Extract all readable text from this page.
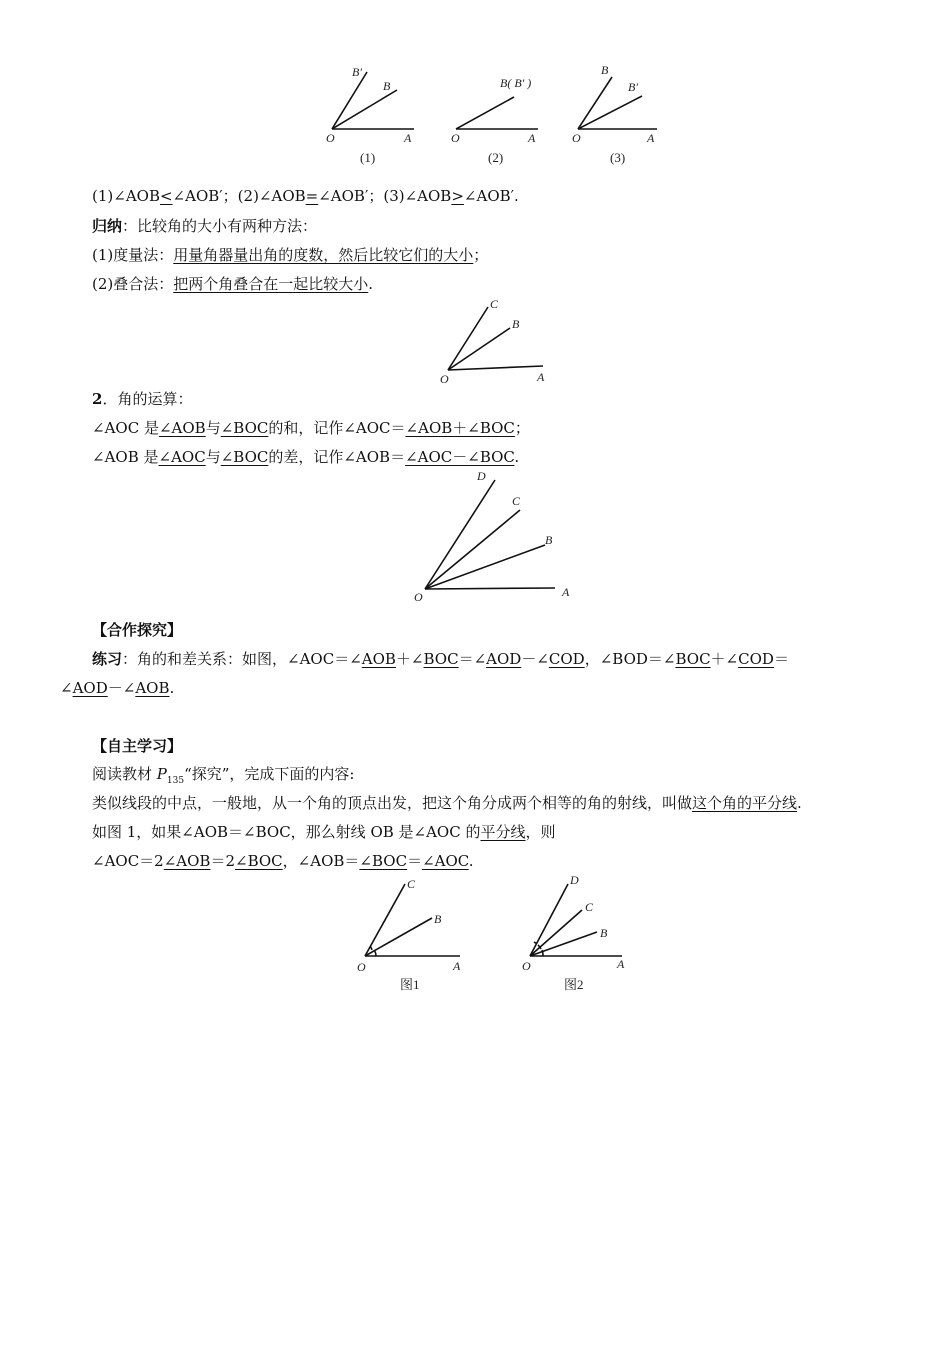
B′
B
O	A
(1)
B( B′ )
O	A
(2)
B
B′
O	A
(3)
(1)∠AOB<∠AOB′；(2)∠AOB=∠AOB′；(3)∠AOB>∠AOB′.
归纳：比较角的大小有两种方法：
(1)度量法：用量角器量出角的度数，然后比较它们的大小；
(2)叠合法：把两个角叠合在一起比较大小.
C
B
O	A
2．角的运算：
∠AOC 是∠AOB与∠BOC的和，记作∠AOC＝∠AOB＋∠BOC；
∠AOB 是∠AOC与∠BOC的差，记作∠AOB＝∠AOC－∠BOC.
D
C
B
O	A
【合作探究】
练习：角的和差关系：如图，∠AOC＝∠AOB＋∠BOC＝∠AOD－∠COD，∠BOD＝∠BOC＋∠COD＝
∠AOD－∠AOB.
【自主学习】
阅读教材 $P_{135}“$探究”，完成下面的内容:
类似线段的中点，一般地，从一个角的顶点出发，把这个角分成两个相等的角的射线，叫做这个角的平分线.
如图 1，如果∠AOB＝∠BOC，那么射线 OB 是∠AOC 的平分线，则
∠AOC＝2∠AOB＝2∠BOC，∠AOB＝∠BOC＝∠AOC.
C
B
O	A
图1
D
C
B
O	A
图2
